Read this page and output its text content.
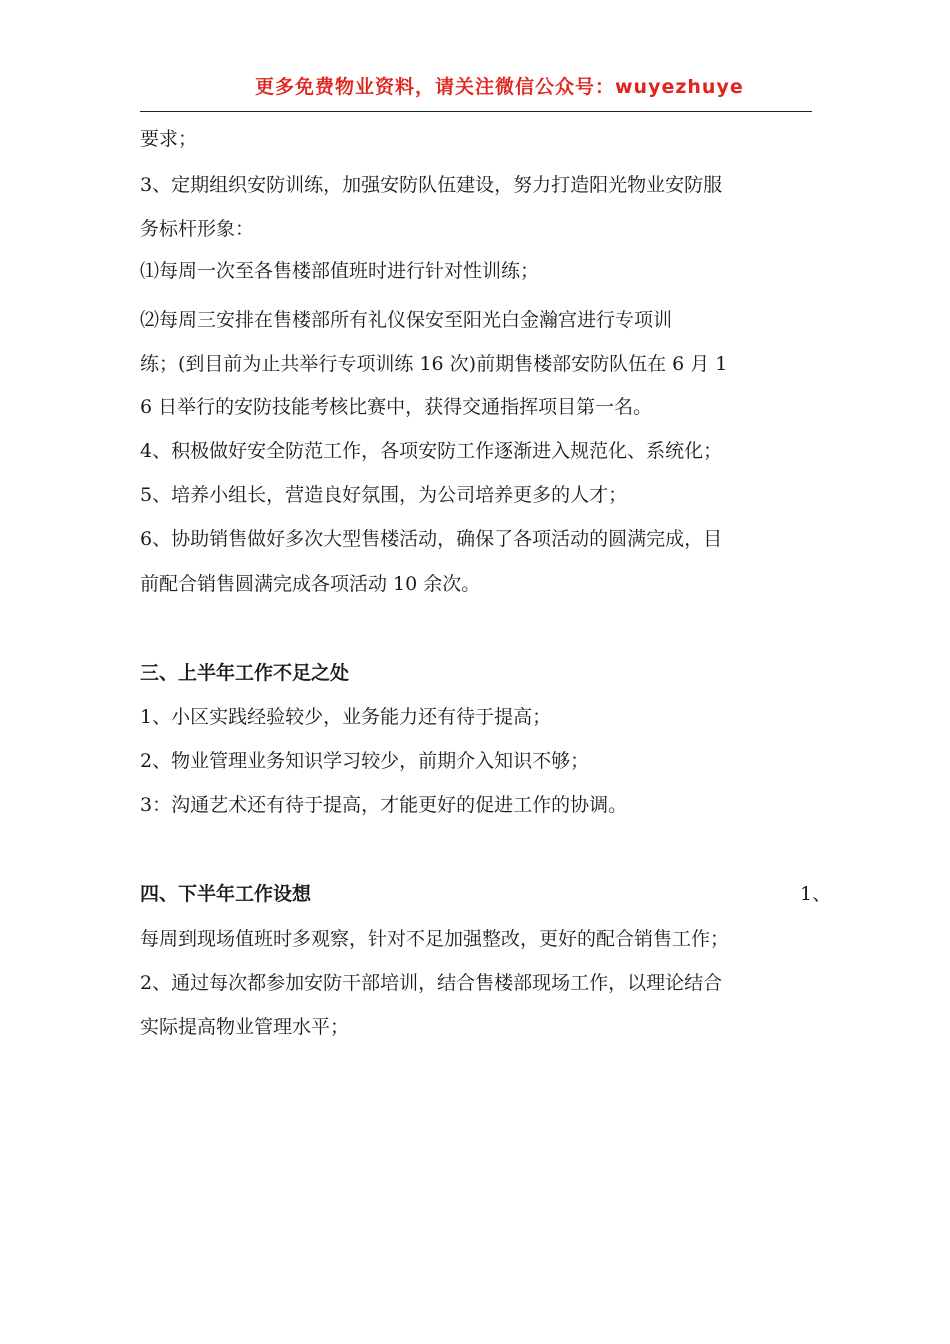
更多免费物业资料，请关注微信公众号：wuyezhuye
要求；
3、定期组织安防训练，加强安防队伍建设，努力打造阳光物业安防服
务标杆形象：
⑴每周一次至各售楼部值班时进行针对性训练；
⑵每周三安排在售楼部所有礼仪保安至阳光白金瀚宫进行专项训
练；(到目前为止共举行专项训练 16 次)前期售楼部安防队伍在 6 月 1
6 日举行的安防技能考核比赛中，获得交通指挥项目第一名。
4、积极做好安全防范工作，各项安防工作逐渐进入规范化、系统化；
5、培养小组长，营造良好氛围，为公司培养更多的人才；
6、协助销售做好多次大型售楼活动，确保了各项活动的圆满完成，目
前配合销售圆满完成各项活动 10 余次。
三、上半年工作不足之处
1、小区实践经验较少，业务能力还有待于提高；
2、物业管理业务知识学习较少，前期介入知识不够；
3：沟通艺术还有待于提高，才能更好的促进工作的协调。
四、下半年工作设想	1、
每周到现场值班时多观察，针对不足加强整改，更好的配合销售工作；
2、通过每次都参加安防干部培训，结合售楼部现场工作，以理论结合
实际提高物业管理水平；
